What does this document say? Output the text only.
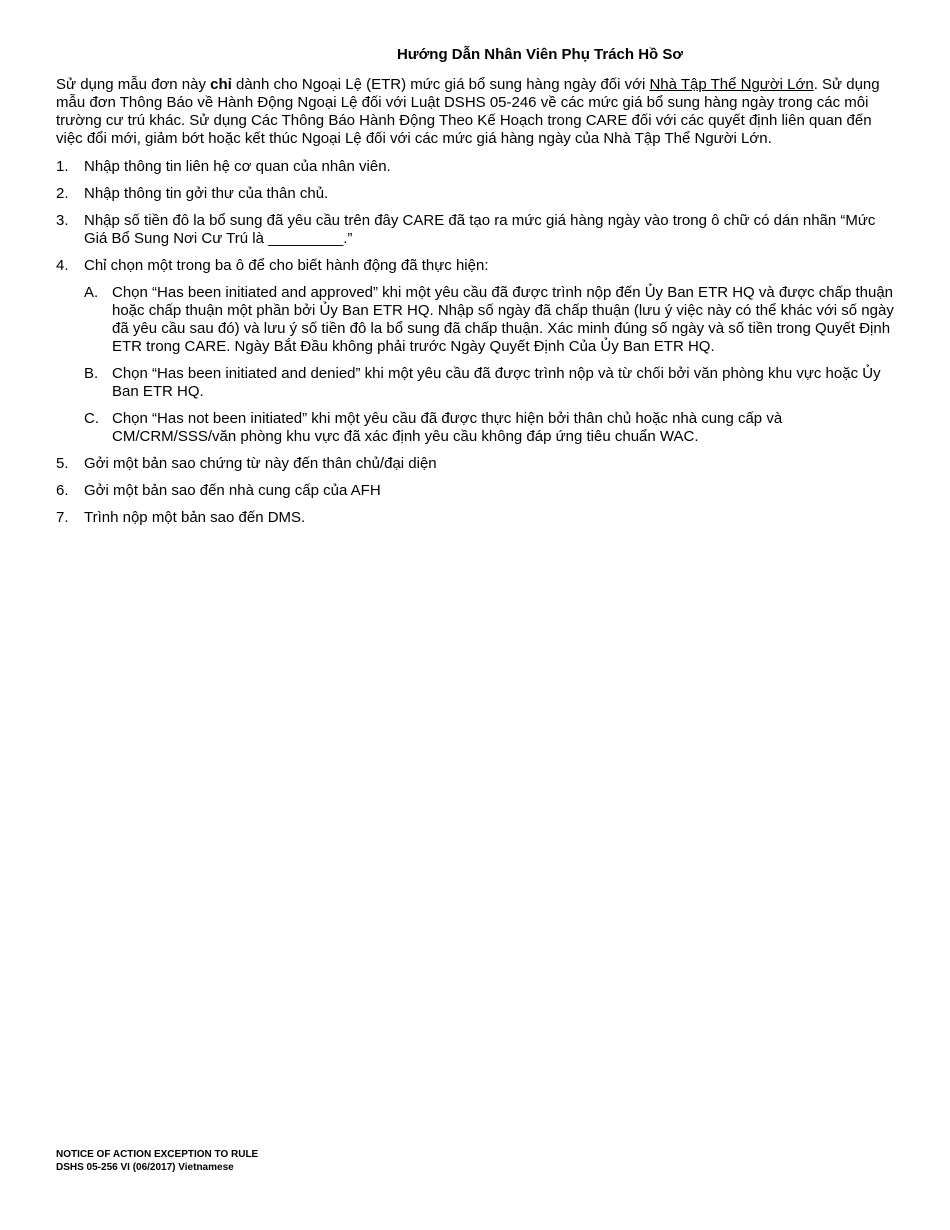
Hướng Dẫn Nhân Viên Phụ Trách Hồ Sơ

Sử dụng mẫu đơn này chỉ dành cho Ngoại Lệ (ETR) mức giá bổ sung hàng ngày đối với Nhà Tập Thể Người Lớn. Sử dụng mẫu đơn Thông Báo về Hành Động Ngoại Lệ đối với Luật DSHS 05-246 về các mức giá bổ sung hàng ngày trong các môi trường cư trú khác. Sử dụng Các Thông Báo Hành Động Theo Kế Hoạch trong CARE đối với các quyết định liên quan đến việc đổi mới, giảm bớt hoặc kết thúc Ngoại Lệ đối với các mức giá hàng ngày của Nhà Tập Thể Người Lớn.

1. Nhập thông tin liên hệ cơ quan của nhân viên.
2. Nhập thông tin gởi thư của thân chủ.
3. Nhập số tiền đô la bổ sung đã yêu cầu trên đây CARE đã tạo ra mức giá hàng ngày vào trong ô chữ có dán nhãn “Mức Giá Bổ Sung Nơi Cư Trú là _________.”
4. Chỉ chọn một trong ba ô để cho biết hành động đã thực hiện:
A. Chọn “Has been initiated and approved” khi một yêu cầu đã được trình nộp đến Ủy Ban ETR HQ và được chấp thuận hoặc chấp thuận một phần bởi Ủy Ban ETR HQ. Nhập số ngày đã chấp thuận (lưu ý việc này có thể khác với số ngày đã yêu cầu sau đó) và lưu ý số tiền đô la bổ sung đã chấp thuận. Xác minh đúng số ngày và số tiền trong Quyết Định ETR trong CARE. Ngày Bắt Đầu không phải trước Ngày Quyết Định Của Ủy Ban ETR HQ.
B. Chọn “Has been initiated and denied” khi một yêu cầu đã được trình nộp và từ chối bởi văn phòng khu vực hoặc Ủy Ban ETR HQ.
C. Chọn “Has not been initiated” khi một yêu cầu đã được thực hiện bởi thân chủ hoặc nhà cung cấp và CM/CRM/SSS/văn phòng khu vực đã xác định yêu cầu không đáp ứng tiêu chuẩn WAC.
5. Gởi một bản sao chứng từ này đến thân chủ/đại diện
6. Gởi một bản sao đến nhà cung cấp của AFH
7. Trình nộp một bản sao đến DMS.
NOTICE OF ACTION EXCEPTION TO RULE
DSHS 05-256 VI (06/2017) Vietnamese
